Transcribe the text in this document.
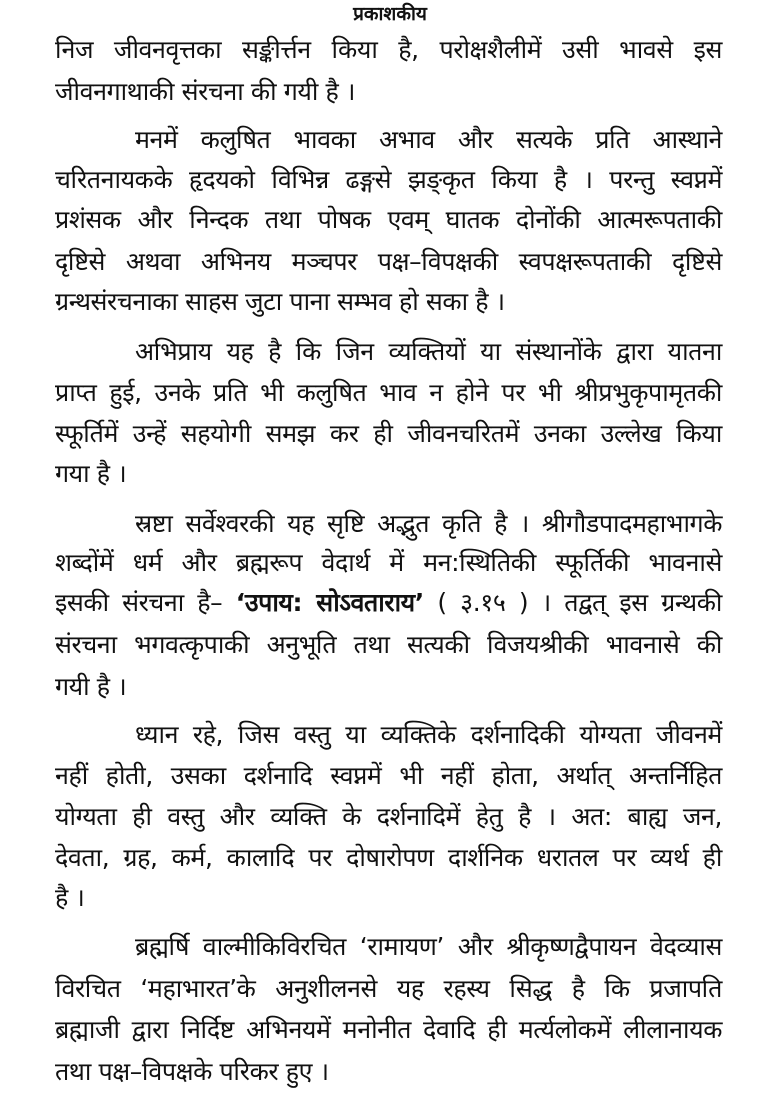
प्रकाशकीय
निज जीवनवृत्तका सङ्कीर्त्तन किया है, परोक्षशैलीमें उसी भावसे इस
जीवनगाथाकी संरचना की गयी है ।
मनमें कलुषित भावका अभाव और सत्यके प्रति आस्थाने
चरितनायकके हृदयको विभिन्न ढङ्गसे झङ्कृत किया है । परन्तु स्वप्नमें
प्रशंसक और निन्दक तथा पोषक एवम् घातक दोनोंकी आत्मरूपताकी
दृष्टिसे अथवा अभिनय मञ्चपर पक्ष–विपक्षकी स्वपक्षरूपताकी दृष्टिसे
ग्रन्थसंरचनाका साहस जुटा पाना सम्भव हो सका है ।
अभिप्राय यह है कि जिन व्यक्तियों या संस्थानोंके द्वारा यातना
प्राप्त हुई, उनके प्रति भी कलुषित भाव न होने पर भी श्रीप्रभुकृपामृतकी
स्फूर्तिमें उन्हें सहयोगी समझ कर ही जीवनचरितमें उनका उल्लेख किया
गया है ।
स्रष्टा सर्वेश्वरकी यह सृष्टि अद्भुत कृति है । श्रीगौडपादमहाभागके
शब्दोंमें धर्म और ब्रह्मरूप वेदार्थ में मन:स्थितिकी स्फूर्तिकी भावनासे
इसकी संरचना है– ‘उपाय: सोऽवताराय’ ( ३.१५ ) । तद्वत् इस ग्रन्थकी
संरचना भगवत्कृपाकी अनुभूति तथा सत्यकी विजयश्रीकी भावनासे की
गयी है ।
ध्यान रहे, जिस वस्तु या व्यक्तिके दर्शनादिकी योग्यता जीवनमें
नहीं होती, उसका दर्शनादि स्वप्नमें भी नहीं होता, अर्थात् अन्तर्निहित
योग्यता ही वस्तु और व्यक्ति के दर्शनादिमें हेतु है । अत: बाह्य जन,
देवता, ग्रह, कर्म, कालादि पर दोषारोपण दार्शनिक धरातल पर व्यर्थ ही
है ।
ब्रह्मर्षि वाल्मीकिविरचित ‘रामायण’ और श्रीकृष्णद्वैपायन वेदव्यास
विरचित ‘महाभारत’के अनुशीलनसे यह रहस्य सिद्ध है कि प्रजापति
ब्रह्माजी द्वारा निर्दिष्ट अभिनयमें मनोनीत देवादि ही मर्त्यलोकमें लीलानायक
तथा पक्ष–विपक्षके परिकर हुए ।
